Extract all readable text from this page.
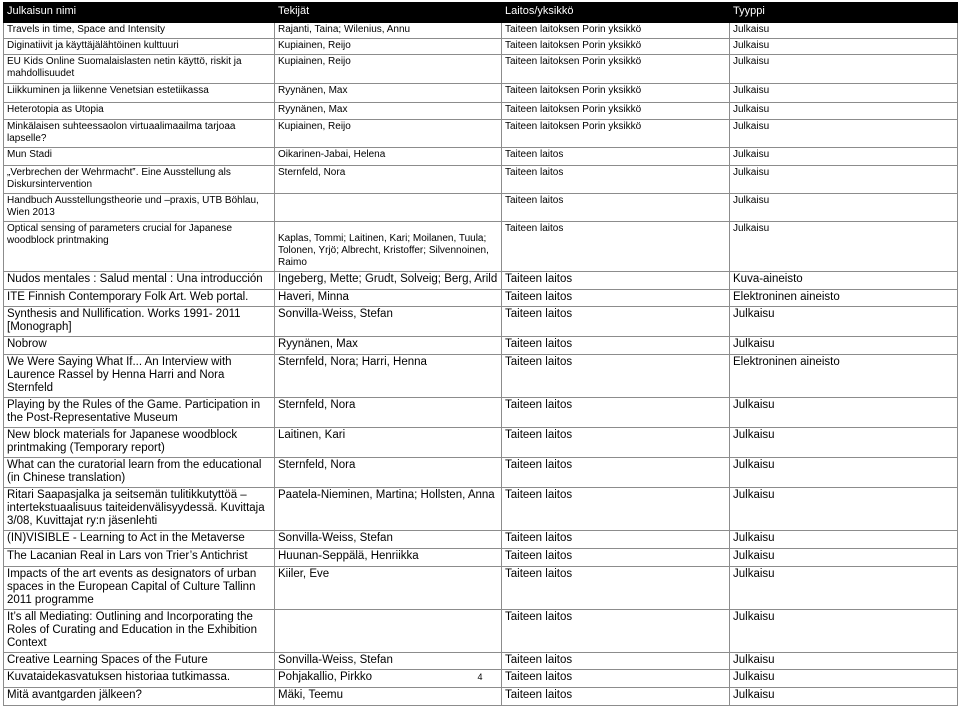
Julkaisun nimi	Tekijät	Laitos/yksikkö	Tyyppi
Travels in time, Space and Intensity	Rajanti, Taina; Wilenius, Annu	Taiteen laitoksen Porin yksikkö	Julkaisu
Diginatiivit ja käyttäjälähtöinen kulttuuri	Kupiainen, Reijo	Taiteen laitoksen Porin yksikkö	Julkaisu
EU Kids Online Suomalaislasten netin käyttö, riskit ja mahdollisuudet	Kupiainen, Reijo	Taiteen laitoksen Porin yksikkö	Julkaisu
Liikkuminen ja liikenne Venetsian estetiikassa	Ryynänen, Max	Taiteen laitoksen Porin yksikkö	Julkaisu
Heterotopia as Utopia	Ryynänen, Max	Taiteen laitoksen Porin yksikkö	Julkaisu
Minkälaisen suhteessaolon virtuaalimaailma tarjoaa lapselle?	Kupiainen, Reijo	Taiteen laitoksen Porin yksikkö	Julkaisu
Mun Stadi	Oikarinen-Jabai, Helena	Taiteen laitos	Julkaisu
„Verbrechen der Wehrmacht‟. Eine Ausstellung als Diskursintervention	Sternfeld, Nora	Taiteen laitos	Julkaisu
Handbuch Ausstellungstheorie und –praxis, UTB Böhlau, Wien 2013		Taiteen laitos	Julkaisu
Optical sensing of parameters crucial for Japanese woodblock printmaking	Kaplas, Tommi; Laitinen, Kari; Moilanen, Tuula; Tolonen, Yrjö; Albrecht, Kristoffer; Silvennoinen, Raimo	Taiteen laitos	Julkaisu
Nudos mentales : Salud mental : Una introducción	Ingeberg, Mette; Grudt, Solveig; Berg, Arild	Taiteen laitos	Kuva-aineisto
ITE Finnish Contemporary Folk Art. Web portal.	Haveri, Minna	Taiteen laitos	Elektroninen aineisto
Synthesis and Nullification. Works 1991- 2011 [Monograph]	Sonvilla-Weiss, Stefan	Taiteen laitos	Julkaisu
Nobrow	Ryynänen, Max	Taiteen laitos	Julkaisu
We Were Saying What If... An Interview with Laurence Rassel by Henna Harri and Nora Sternfeld	Sternfeld, Nora; Harri, Henna	Taiteen laitos	Elektroninen aineisto
Playing by the Rules of the Game. Participation in the Post-Representative Museum	Sternfeld, Nora	Taiteen laitos	Julkaisu
New block materials for Japanese woodblock printmaking (Temporary report)	Laitinen, Kari	Taiteen laitos	Julkaisu
What can the curatorial learn from the educational (in Chinese translation)	Sternfeld, Nora	Taiteen laitos	Julkaisu
Ritari Saapasjalka ja seitsemän tulitikkutyttöä – intertekstuaalisuus taiteidenvälisyydessä. Kuvittaja 3/08, Kuvittajat ry:n jäsenlehti	Paatela-Nieminen, Martina; Hollsten, Anna	Taiteen laitos	Julkaisu
(IN)VISIBLE - Learning to Act in the Metaverse	Sonvilla-Weiss, Stefan	Taiteen laitos	Julkaisu
The Lacanian Real in Lars von Trier’s Antichrist	Huunan-Seppälä, Henriikka	Taiteen laitos	Julkaisu
Impacts of the art events as designators of urban spaces in the European Capital of Culture Tallinn 2011 programme	Kiiler, Eve	Taiteen laitos	Julkaisu
It’s all Mediating: Outlining and Incorporating the Roles of Curating and Education in the Exhibition Context		Taiteen laitos	Julkaisu
Creative Learning Spaces of the Future	Sonvilla-Weiss, Stefan	Taiteen laitos	Julkaisu
Kuvataidekasvatuksen historiaa tutkimassa.	Pohjakallio, Pirkko	Taiteen laitos	Julkaisu
Mitä avantgarden jälkeen?	Mäki, Teemu	Taiteen laitos	Julkaisu
4
